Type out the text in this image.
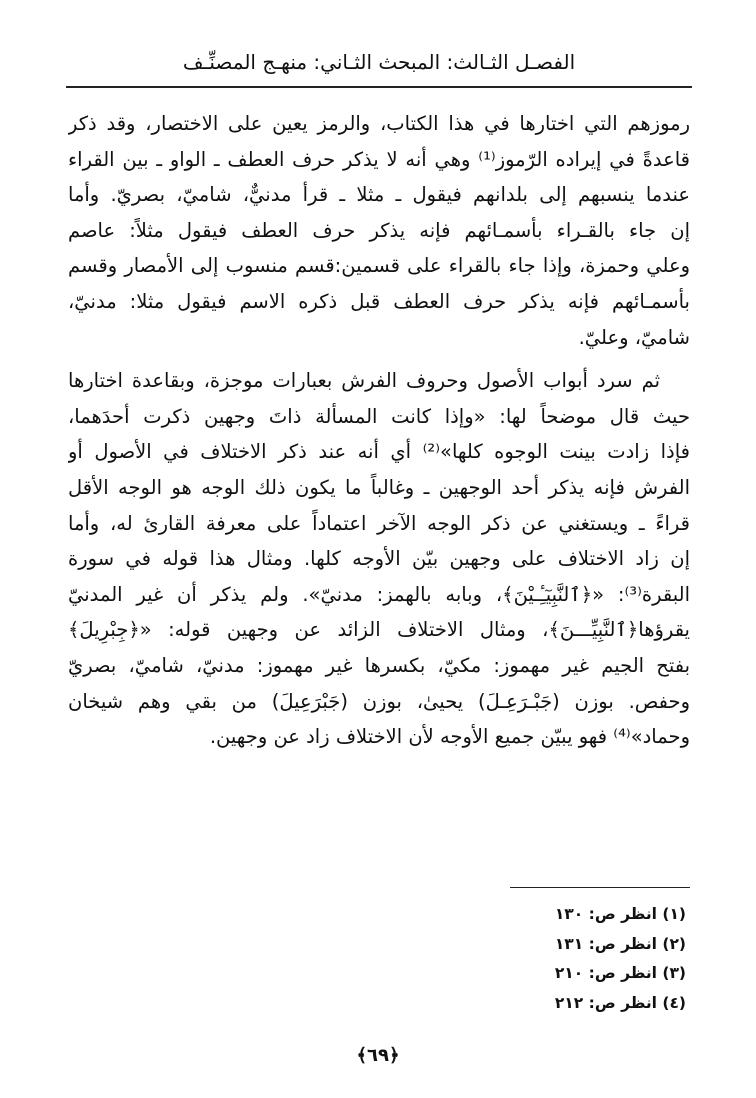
الفصـل الثـالث: المبحث الثـاني: منهـج المصنِّـف

رموزهم التي اختارها في هذا الكتاب، والرمز يعين على الاختصار، وقد ذكر

قاعدةً في إيراده الرّموز⁽¹⁾ وهي أنه لا يذكر حرف العطف ـ الواو ـ بين القراء

عندما ينسبهم إلى بلدانهم فيقول ـ مثلا ـ قرأ مدنيٌّ، شاميّ، بصريّ. وأما

إن جاء بالقـراء بأسمـائهم فإنه يذكر حرف العطف فيقول مثلاً: عاصم

وعلي وحمزة، وإذا جاء بالقراء على قسمين:قسم منسوب إلى الأمصار وقسم

بأسمـائهم فإنه يذكر حرف العطف قبل ذكره الاسم فيقول مثلا: مدنيّ،

شاميّ، وعليّ.

ثم سرد أبواب الأصول وحروف الفرش بعبارات موجزة، وبقاعدة اختارها

حيث قال موضحاً لها: «وإذا كانت المسألة ذاتَ وجهين ذكرت أحدَهما،

فإذا زادت بينت الوجوه كلها»⁽²⁾ أي أنه عند ذكر الاختلاف في الأصول أو

الفرش فإنه يذكر أحد الوجهين ـ وغالباً ما يكون ذلك الوجه هو الوجه الأقل

قراءً ـ ويستغني عن ذكر الوجه الآخر اعتماداً على معرفة القارئ له، وأما

إن زاد الاختلاف على وجهين بيّن الأوجه كلها. ومثال هذا قوله في سورة

البقرة⁽³⁾: «﴿ٱلنَّبِيٓـِٔـيْنَ﴾، وبابه بالهمز: مدنيّ». ولم يذكر أن غير المدنيّ

يقرؤها﴿ٱلنَّبِيِّـــنَ﴾، ومثال الاختلاف الزائد عن وجهين قوله: «﴿جِبْرِيلَ﴾

بفتح الجيم غير مهموز: مكيّ، بكسرها غير مهموز: مدنيّ، شاميّ، بصريّ

وحفص. بوزن (جَبْـرَعِـلَ) يحيىٰ، بوزن (جَبْرَعِيلَ) من بقي وهم شيخان

وحماد»⁽⁴⁾ فهو يبيّن جميع الأوجه لأن الاختلاف زاد عن وجهين.

(١) انظر ص: ١٣٠
(٢) انظر ص: ١٣١
(٣) انظر ص: ٢١٠
(٤) انظر ص: ٢١٢
﴿٦٩﴾
